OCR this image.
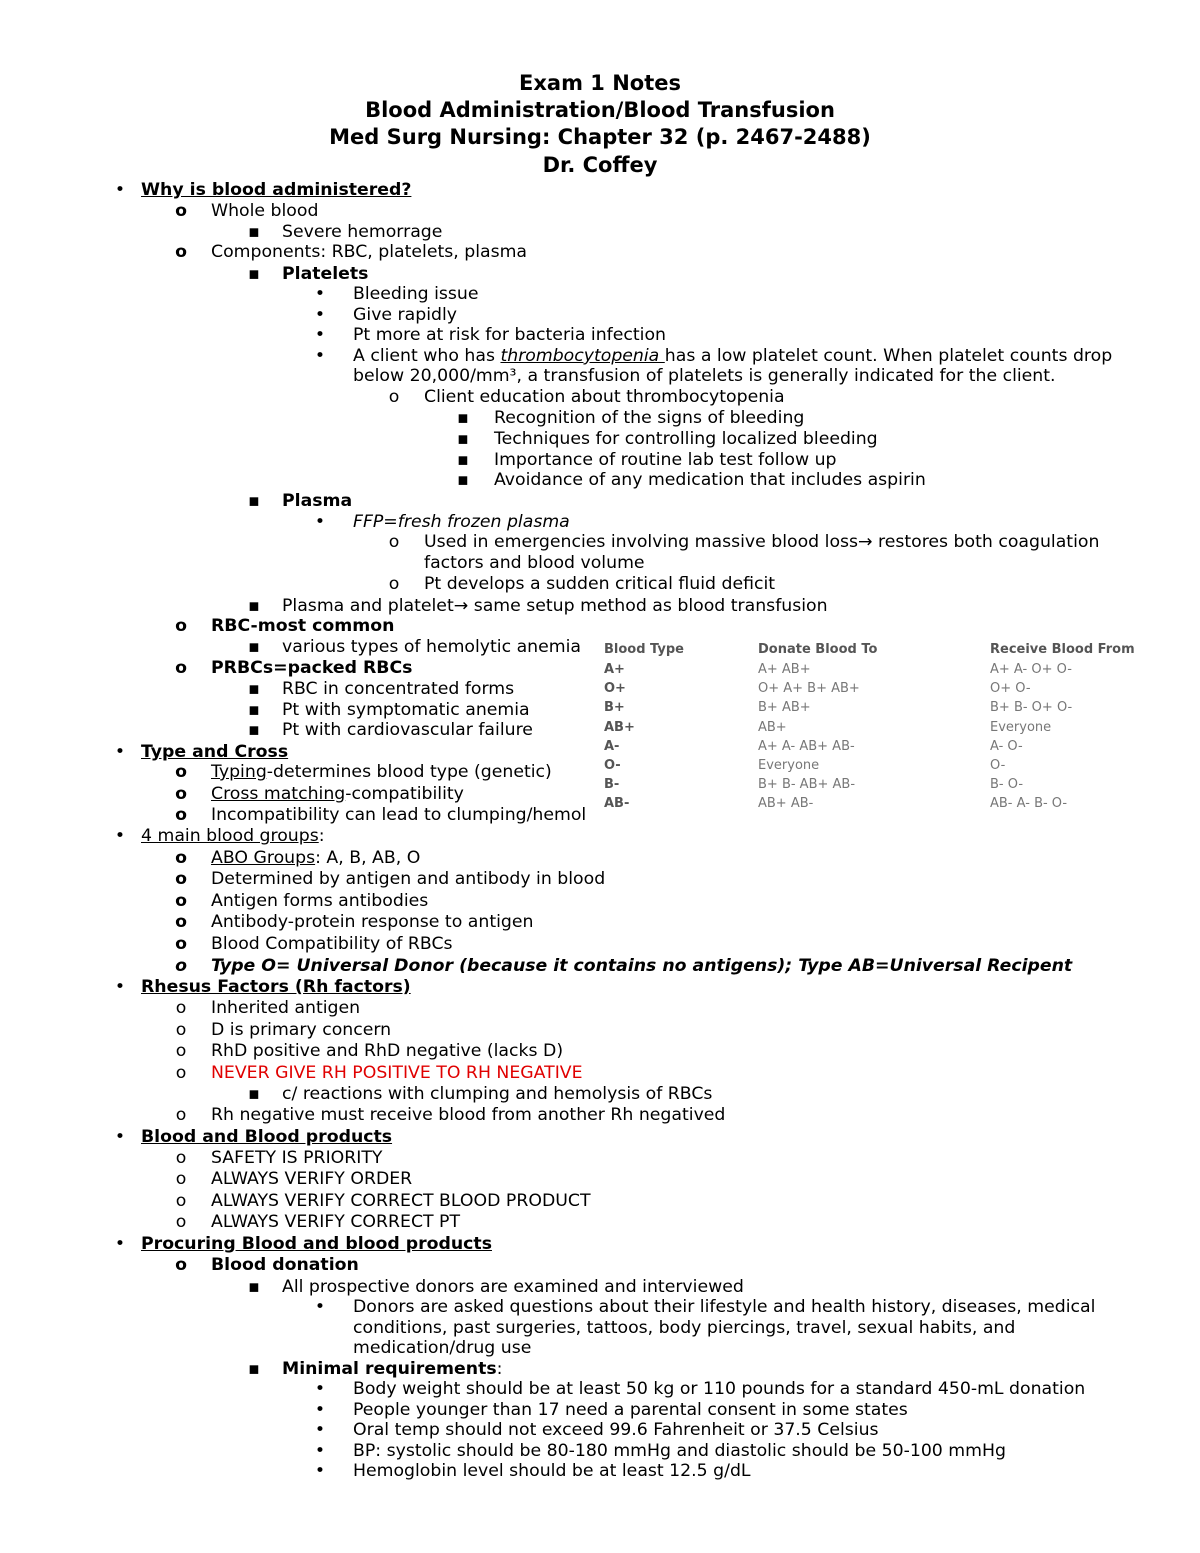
Exam 1 Notes
Blood Administration/Blood Transfusion
Med Surg Nursing: Chapter 32 (p. 2467-2488)
Dr. Coffey
• Why is blood administered?
o Whole blood
▪ Severe hemorrage
o Components: RBC, platelets, plasma
▪ Platelets
• Bleeding issue
• Give rapidly
• Pt more at risk for bacteria infection
• A client who has thrombocytopenia has a low platelet count. When platelet counts drop
below 20,000/mm³, a transfusion of platelets is generally indicated for the client.
o Client education about thrombocytopenia
▪ Recognition of the signs of bleeding
▪ Techniques for controlling localized bleeding
▪ Importance of routine lab test follow up
▪ Avoidance of any medication that includes aspirin
▪ Plasma
• FFP=fresh frozen plasma
o Used in emergencies involving massive blood loss→ restores both coagulation
factors and blood volume
o Pt develops a sudden critical fluid deficit
▪ Plasma and platelet→ same setup method as blood transfusion
o RBC-most common
▪ various types of hemolytic anemia
o PRBCs=packed RBCs
▪ RBC in concentrated forms
▪ Pt with symptomatic anemia
▪ Pt with cardiovascular failure
• Type and Cross
o Typing-determines blood type (genetic)
o Cross matching-compatibility
o Incompatibility can lead to clumping/hemol
• 4 main blood groups:
o ABO Groups: A, B, AB, O
o Determined by antigen and antibody in blood
o Antigen forms antibodies
o Antibody-protein response to antigen
o Blood Compatibility of RBCs
o Type O= Universal Donor (because it contains no antigens); Type AB=Universal Recipent
• Rhesus Factors (Rh factors)
o Inherited antigen
o D is primary concern
o RhD positive and RhD negative (lacks D)
o NEVER GIVE RH POSITIVE TO RH NEGATIVE
▪ c/ reactions with clumping and hemolysis of RBCs
o Rh negative must receive blood from another Rh negatived
• Blood and Blood products
o SAFETY IS PRIORITY
o ALWAYS VERIFY ORDER
o ALWAYS VERIFY CORRECT BLOOD PRODUCT
o ALWAYS VERIFY CORRECT PT
• Procuring Blood and blood products
o Blood donation
▪ All prospective donors are examined and interviewed
• Donors are asked questions about their lifestyle and health history, diseases, medical
conditions, past surgeries, tattoos, body piercings, travel, sexual habits, and
medication/drug use
▪ Minimal requirements:
• Body weight should be at least 50 kg or 110 pounds for a standard 450-mL donation
• People younger than 17 need a parental consent in some states
• Oral temp should not exceed 99.6 Fahrenheit or 37.5 Celsius
• BP: systolic should be 80-180 mmHg and diastolic should be 50-100 mmHg
• Hemoglobin level should be at least 12.5 g/dL
Blood Type	Donate Blood To	Receive Blood From
A+	A+ AB+	A+ A- O+ O-
O+	O+ A+ B+ AB+	O+ O-
B+	B+ AB+	B+ B- O+ O-
AB+	AB+	Everyone
A-	A+ A- AB+ AB-	A- O-
O-	Everyone	O-
B-	B+ B- AB+ AB-	B- O-
AB-	AB+ AB-	AB- A- B- O-
